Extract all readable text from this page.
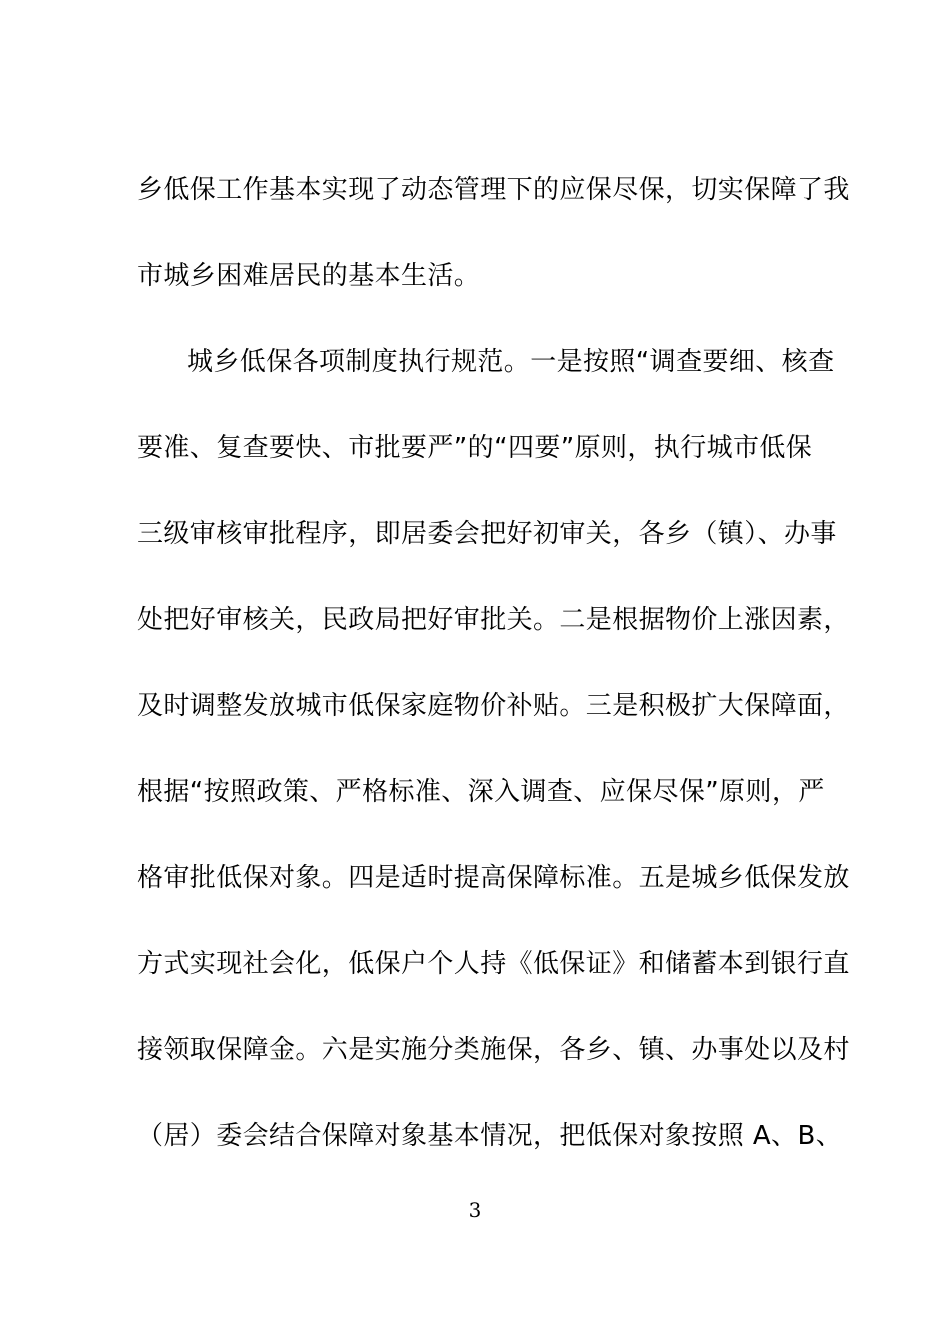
乡低保工作基本实现了动态管理下的应保尽保，切实保障了我
市城乡困难居民的基本生活。
城乡低保各项制度执行规范。一是按照“调查要细、核查
要准、复查要快、市批要严”的“四要”原则，执行城市低保
三级审核审批程序，即居委会把好初审关，各乡（镇）、办事
处把好审核关，民政局把好审批关。二是根据物价上涨因素，
及时调整发放城市低保家庭物价补贴。三是积极扩大保障面，
根据“按照政策、严格标准、深入调查、应保尽保”原则，严
格审批低保对象。四是适时提高保障标准。五是城乡低保发放
方式实现社会化，低保户个人持《低保证》和储蓄本到银行直
接领取保障金。六是实施分类施保，各乡、镇、办事处以及村
（居）委会结合保障对象基本情况，把低保对象按照 A、B、
3
